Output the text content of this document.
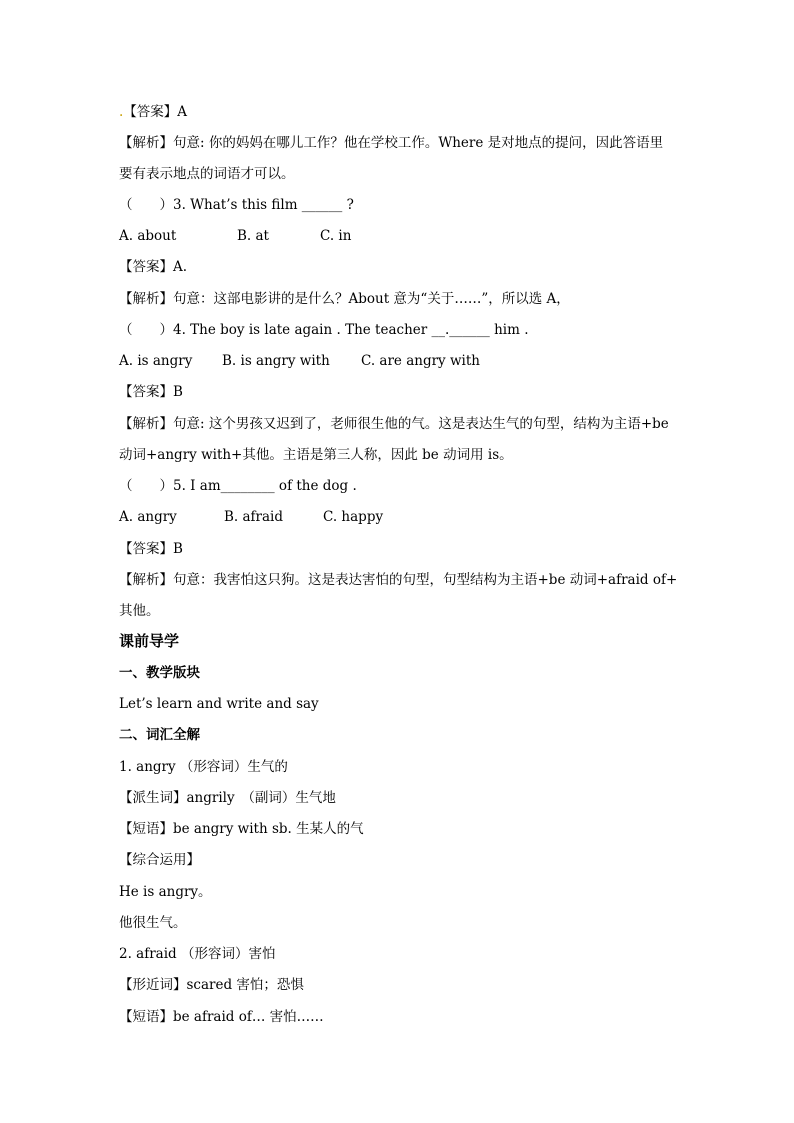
.【答案】A
【解析】句意: 你的妈妈在哪儿工作？他在学校工作。Where 是对地点的提问，因此答语里
要有表示地点的词语才可以。
（　　）3. What’s this film ______ ?
A. about	B. at	C. in
【答案】A.
【解析】句意：这部电影讲的是什么？About 意为“关于……”，所以选 A，
（　　）4. The boy is late again . The teacher __.______ him .
A. is angry B. is angry with C. are angry with
【答案】B
【解析】句意: 这个男孩又迟到了，老师很生他的气。这是表达生气的句型，结构为主语+be
动词+angry with+其他。主语是第三人称，因此 be 动词用 is。
（　　）5. I am________ of the dog .
A. angry	B. afraid	C. happy
【答案】B
【解析】句意：我害怕这只狗。这是表达害怕的句型，句型结构为主语+be 动词+afraid of+
其他。
课前导学
一、教学版块
Let’s learn and write and say
二、词汇全解
1. angry （形容词）生气的
【派生词】angrily　（副词）生气地
【短语】be angry with sb. 生某人的气
【综合运用】
He is angry。
他很生气。
2. afraid （形容词）害怕
【形近词】scared 害怕；恐惧
【短语】be afraid of… 害怕……
